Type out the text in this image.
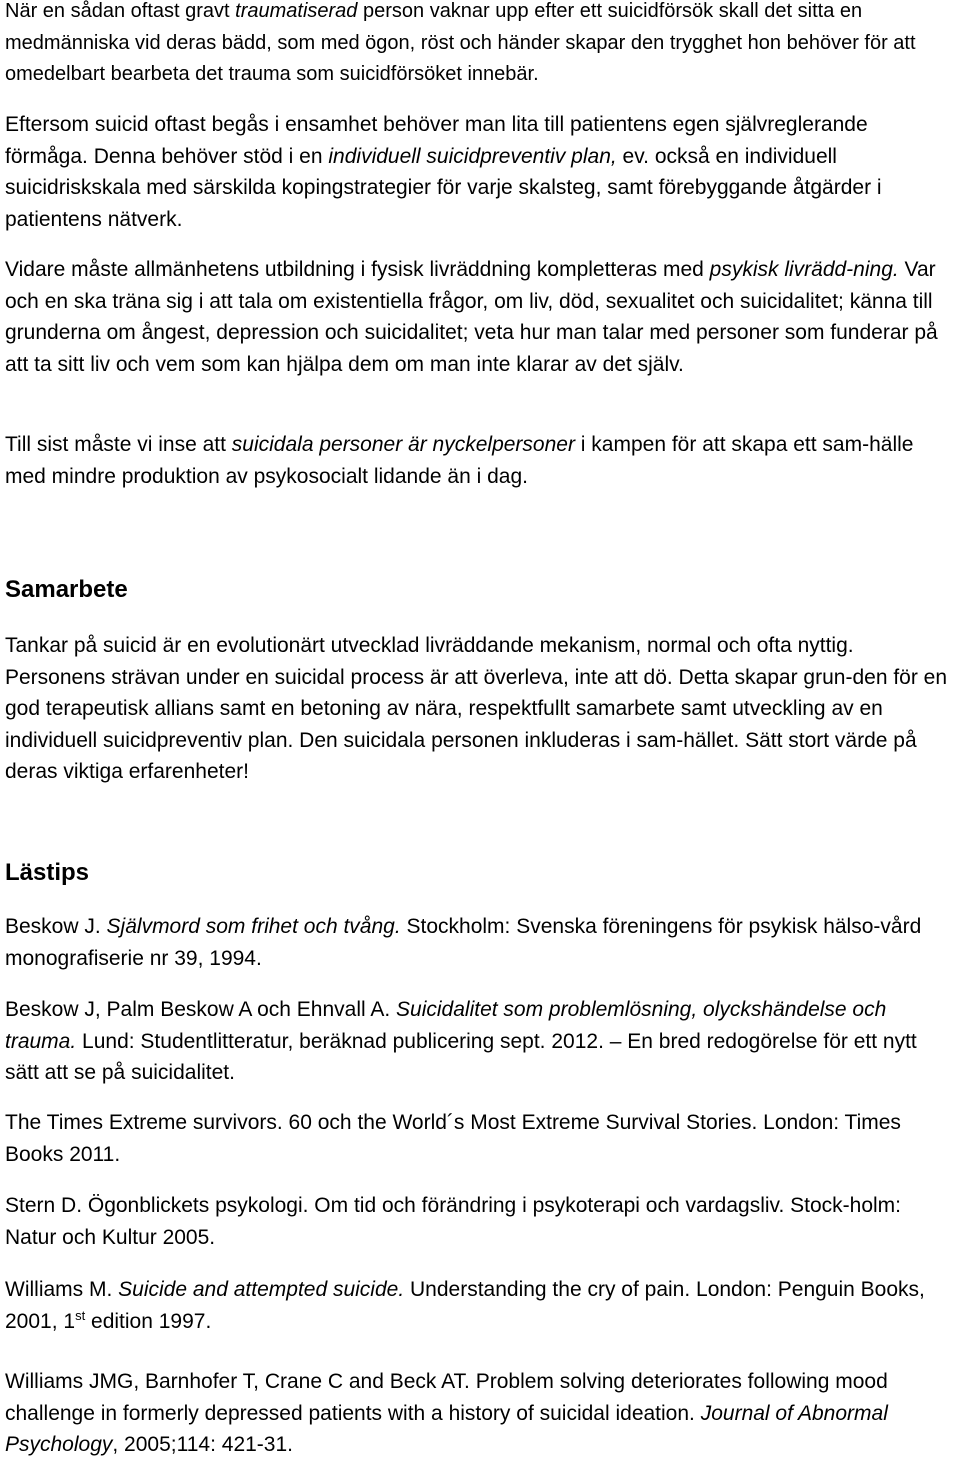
När en sådan oftast gravt traumatiserad person vaknar upp efter ett suicidförsök skall det sitta en medmänniska vid deras bädd, som med ögon, röst och händer skapar den trygghet hon behöver för att omedelbart bearbeta det trauma som suicidförsöket innebär.

Eftersom suicid oftast begås i ensamhet behöver man lita till patientens egen självreglerande förmåga. Denna behöver stöd i en individuell suicidpreventiv plan, ev. också en individuell suicidriskskala med särskilda kopingstrategier för varje skalsteg, samt förebyggande åtgärder i patientens nätverk.

Vidare måste allmänhetens utbildning i fysisk livräddning kompletteras med psykisk livrädd-ning. Var och en ska träna sig i att tala om existentiella frågor, om liv, död, sexualitet och suicidalitet; känna till grunderna om ångest, depression och suicidalitet; veta hur man talar med personer som funderar på att ta sitt liv och vem som kan hjälpa dem om man inte klarar av det själv.

Till sist måste vi inse att suicidala personer är nyckelpersoner i kampen för att skapa ett sam-hälle med mindre produktion av psykosocialt lidande än i dag.

Samarbete

Tankar på suicid är en evolutionärt utvecklad livräddande mekanism, normal och ofta nyttig. Personens strävan under en suicidal process är att överleva, inte att dö. Detta skapar grun-den för en god terapeutisk allians samt en betoning av nära, respektfullt samarbete samt utveckling av en individuell suicidpreventiv plan. Den suicidala personen inkluderas i sam-hället. Sätt stort värde på deras viktiga erfarenheter!

Lästips

Beskow J. Självmord som frihet och tvång. Stockholm: Svenska föreningens för psykisk hälso-vård monografiserie nr 39, 1994.

Beskow J, Palm Beskow A och Ehnvall A. Suicidalitet som problemlösning, olyckshändelse och trauma. Lund: Studentlitteratur, beräknad publicering sept. 2012. – En bred redogörelse för ett nytt sätt att se på suicidalitet.

The Times Extreme survivors. 60 och the World´s Most Extreme Survival Stories. London: Times Books 2011.

Stern D. Ögonblickets psykologi. Om tid och förändring i psykoterapi och vardagsliv. Stock-holm: Natur och Kultur 2005.

Williams M. Suicide and attempted suicide. Understanding the cry of pain. London: Penguin Books, 2001, 1st edition 1997.

Williams JMG, Barnhofer T, Crane C and Beck AT. Problem solving deteriorates following mood challenge in formerly depressed patients with a history of suicidal ideation. Journal of Abnormal Psychology, 2005;114: 421-31.
